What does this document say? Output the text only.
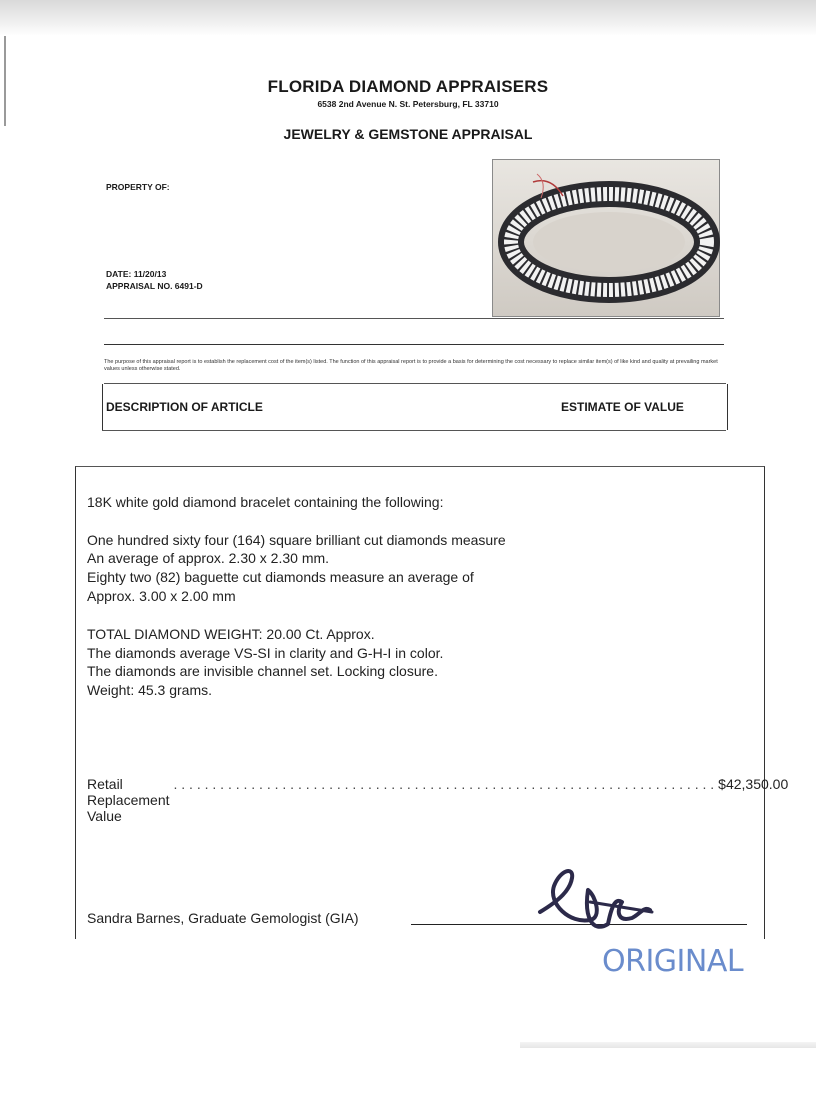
FLORIDA DIAMOND APPRAISERS
6538 2nd Avenue N. St. Petersburg, FL 33710
JEWELRY & GEMSTONE APPRAISAL
PROPERTY OF:
DATE: 11/20/13
APPRAISAL NO. 6491-D
The purpose of this appraisal report is to establish the replacement cost of the item(s) listed. The function of this appraisal report is to provide a basis for determining the cost necessary to replace similar item(s) of like kind and quality at prevailing market values unless otherwise stated.
DESCRIPTION OF ARTICLE	ESTIMATE OF VALUE
18K white gold diamond bracelet containing the following:
One hundred sixty four (164) square brilliant cut diamonds measure
An average of approx. 2.30 x 2.30 mm.
Eighty two (82) baguette cut diamonds measure an average of
Approx. 3.00 x 2.00 mm
TOTAL DIAMOND WEIGHT: 20.00 Ct. Approx.
The diamonds average VS-SI in clarity and G-H-I in color.
The diamonds are invisible channel set. Locking closure.
Weight: 45.3 grams.
Retail Replacement Value
. . . . . . . . . . . . . . . . . . . . . . . . . . . . . . . . . . . . . . . . . . . . . . . . . . . . . . . . . . . . . . . . . . . . . . $42,350.00
Sandra Barnes, Graduate Gemologist (GIA)
ORIGINAL
